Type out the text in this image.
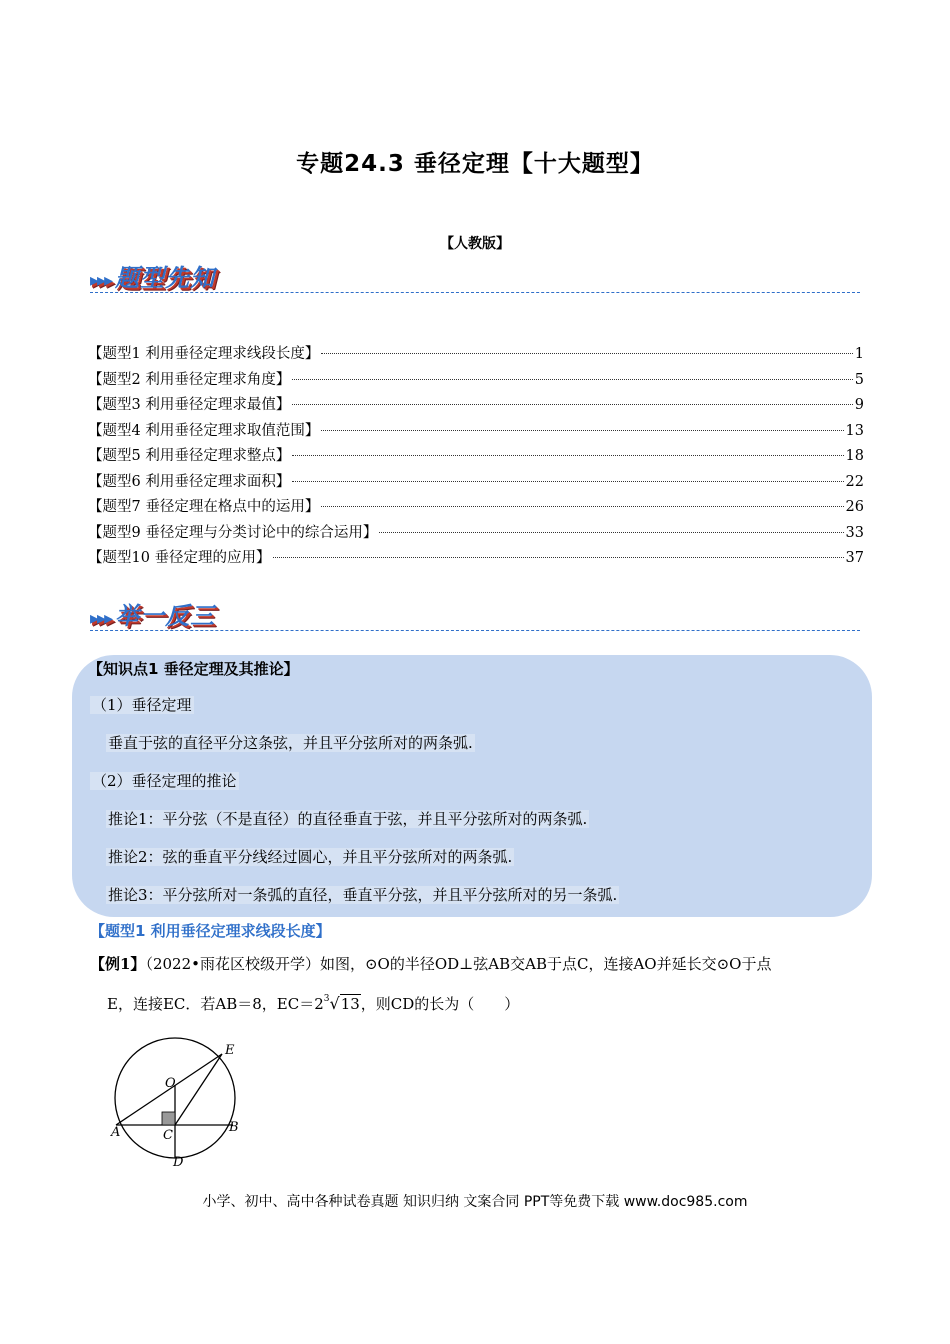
专题24.3 垂径定理【十大题型】
【人教版】
▸▸▸ 题型先知
【题型1 利用垂径定理求线段长度】	1
【题型2 利用垂径定理求角度】	5
【题型3 利用垂径定理求最值】	9
【题型4 利用垂径定理求取值范围】	13
【题型5 利用垂径定理求整点】	18
【题型6 利用垂径定理求面积】	22
【题型7 垂径定理在格点中的运用】	26
【题型9 垂径定理与分类讨论中的综合运用】	33
【题型10 垂径定理的应用】	37
▸▸▸ 举一反三
【知识点1 垂径定理及其推论】
（1）垂径定理
垂直于弦的直径平分这条弦，并且平分弦所对的两条弧.
（2）垂径定理的推论
推论1：平分弦（不是直径）的直径垂直于弦，并且平分弦所对的两条弧.
推论2：弦的垂直平分线经过圆心，并且平分弦所对的两条弧.
推论3：平分弦所对一条弧的直径，垂直平分弦，并且平分弦所对的另一条弧.
【题型1 利用垂径定理求线段长度】
【例1】（2022•雨花区校级开学）如图，⊙O的半径OD⊥弦AB交AB于点C，连接AO并延长交⊙O于点
E，连接EC．若AB＝8，$EC=2^3√13$，则CD的长为（　　）
E
O
A	B
C
D
小学、初中、高中各种试卷真题 知识归纳 文案合同 PPT等免费下载 www.doc985.com
